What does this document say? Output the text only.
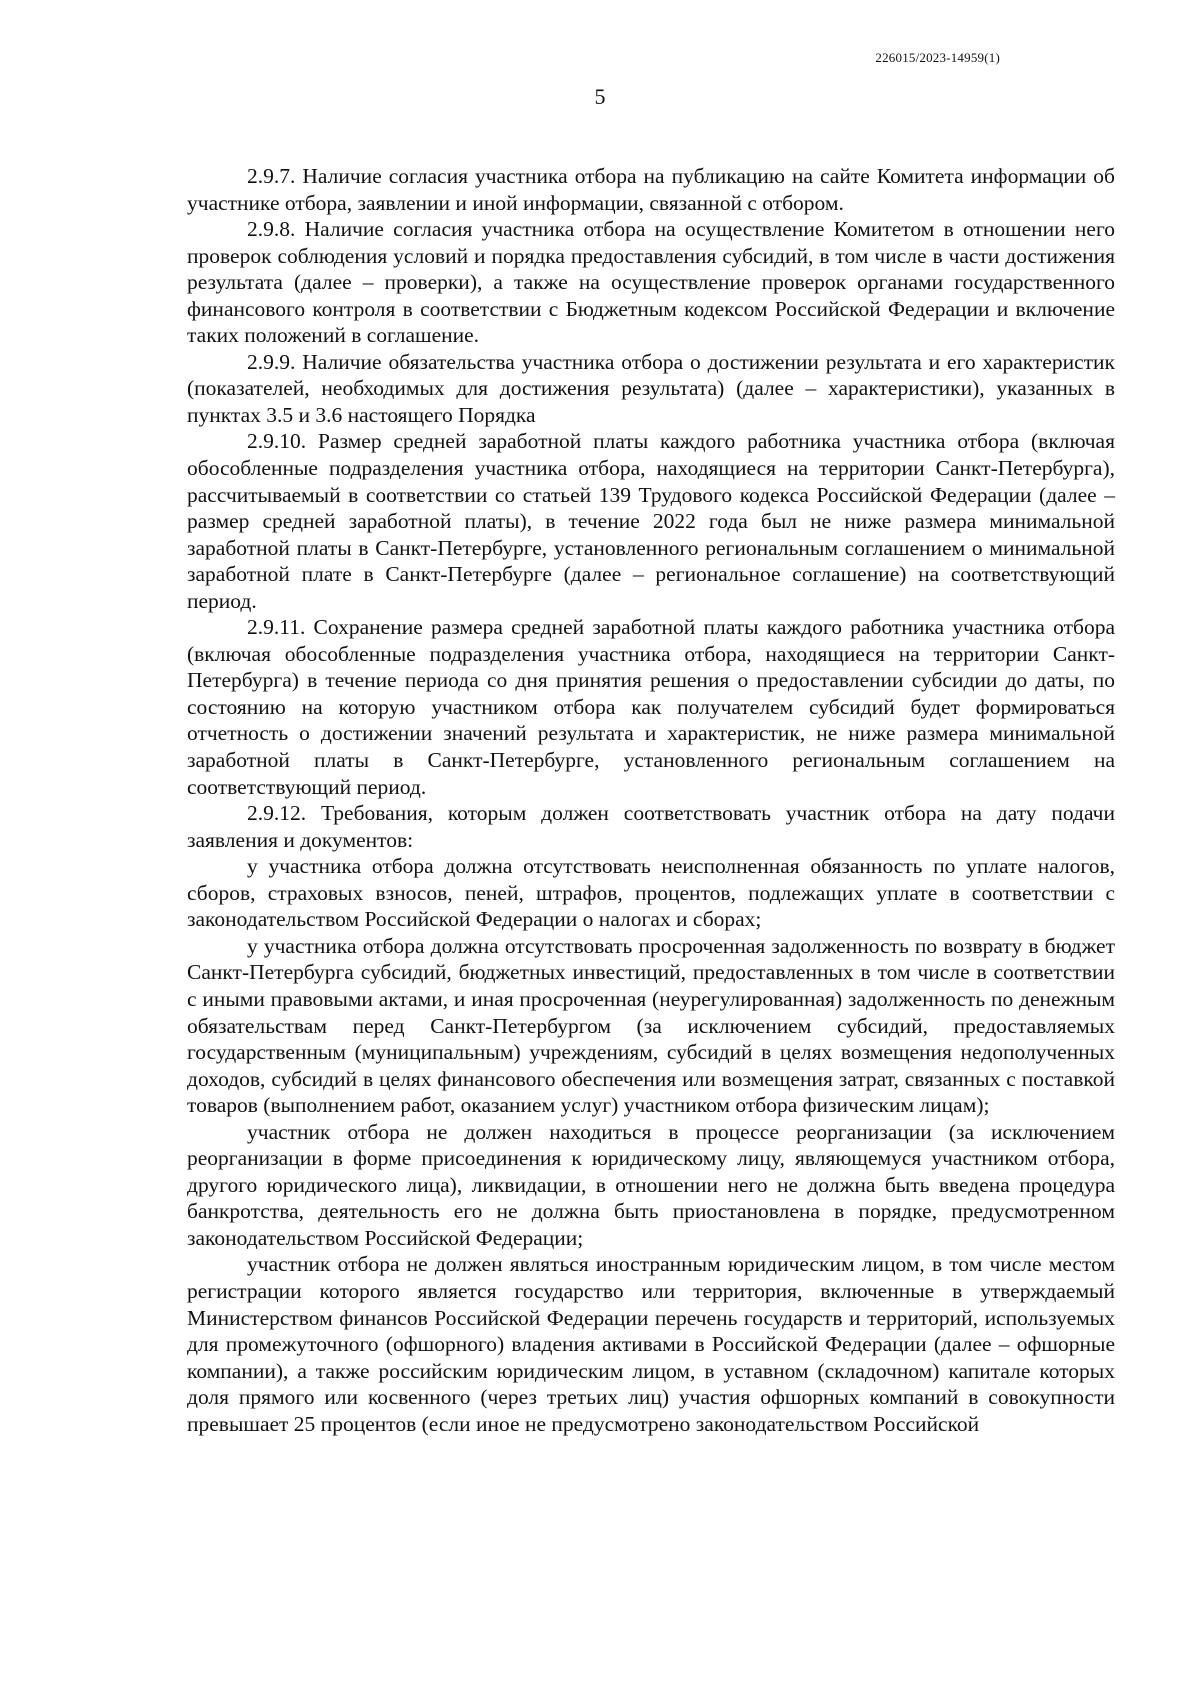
226015/2023-14959(1)
5

2.9.7. Наличие согласия участника отбора на публикацию на сайте Комитета информации об участнике отбора, заявлении и иной информации, связанной с отбором.

2.9.8. Наличие согласия участника отбора на осуществление Комитетом в отношении него проверок соблюдения условий и порядка предоставления субсидий, в том числе в части достижения результата (далее – проверки), а также на осуществление проверок органами государственного финансового контроля в соответствии с Бюджетным кодексом Российской Федерации и включение таких положений в соглашение.

2.9.9. Наличие обязательства участника отбора о достижении результата и его характеристик (показателей, необходимых для достижения результата) (далее – характеристики), указанных в пунктах 3.5 и 3.6 настоящего Порядка

2.9.10. Размер средней заработной платы каждого работника участника отбора (включая обособленные подразделения участника отбора, находящиеся на территории Санкт-Петербурга), рассчитываемый в соответствии со статьей 139 Трудового кодекса Российской Федерации (далее – размер средней заработной платы), в течение 2022 года был не ниже размера минимальной заработной платы в Санкт-Петербурге, установленного региональным соглашением о минимальной заработной плате в Санкт-Петербурге (далее – региональное соглашение) на соответствующий период.

2.9.11. Сохранение размера средней заработной платы каждого работника участника отбора (включая обособленные подразделения участника отбора, находящиеся на территории Санкт-Петербурга) в течение периода со дня принятия решения о предоставлении субсидии до даты, по состоянию на которую участником отбора как получателем субсидий будет формироваться отчетность о достижении значений результата и характеристик, не ниже размера минимальной заработной платы в Санкт-Петербурге, установленного региональным соглашением на соответствующий период.

2.9.12. Требования, которым должен соответствовать участник отбора на дату подачи заявления и документов:

у участника отбора должна отсутствовать неисполненная обязанность по уплате налогов, сборов, страховых взносов, пеней, штрафов, процентов, подлежащих уплате в соответствии с законодательством Российской Федерации о налогах и сборах;

у участника отбора должна отсутствовать просроченная задолженность по возврату в бюджет Санкт-Петербурга субсидий, бюджетных инвестиций, предоставленных в том числе в соответствии с иными правовыми актами, и иная просроченная (неурегулированная) задолженность по денежным обязательствам перед Санкт-Петербургом (за исключением субсидий, предоставляемых государственным (муниципальным) учреждениям, субсидий в целях возмещения недополученных доходов, субсидий в целях финансового обеспечения или возмещения затрат, связанных с поставкой товаров (выполнением работ, оказанием услуг) участником отбора физическим лицам);

участник отбора не должен находиться в процессе реорганизации (за исключением реорганизации в форме присоединения к юридическому лицу, являющемуся участником отбора, другого юридического лица), ликвидации, в отношении него не должна быть введена процедура банкротства, деятельность его не должна быть приостановлена в порядке, предусмотренном законодательством Российской Федерации;

участник отбора не должен являться иностранным юридическим лицом, в том числе местом регистрации которого является государство или территория, включенные в утверждаемый Министерством финансов Российской Федерации перечень государств и территорий, используемых для промежуточного (офшорного) владения активами в Российской Федерации (далее – офшорные компании), а также российским юридическим лицом, в уставном (складочном) капитале которых доля прямого или косвенного (через третьих лиц) участия офшорных компаний в совокупности превышает 25 процентов (если иное не предусмотрено законодательством Российской
